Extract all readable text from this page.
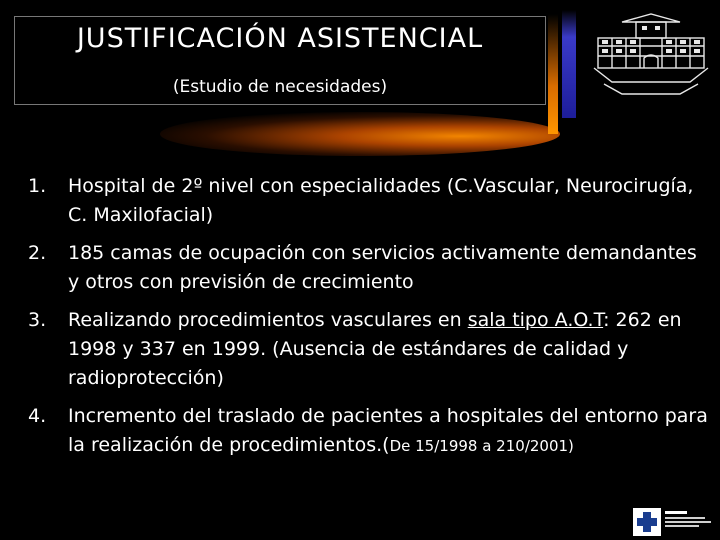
JUSTIFICACIÓN ASISTENCIAL
(Estudio de necesidades)
1. Hospital de 2º nivel con especialidades (C.Vascular, Neurocirugía, C. Maxilofacial)
2. 185 camas de ocupación con servicios activamente demandantes y otros con previsión de crecimiento
3. Realizando procedimientos vasculares en sala tipo A.O.T: 262 en 1998 y 337 en 1999. (Ausencia de estándares de calidad y radioprotección)
4. Incremento del traslado de pacientes a hospitales del entorno para la realización de procedimientos.(De 15/1998 a 210/2001)
